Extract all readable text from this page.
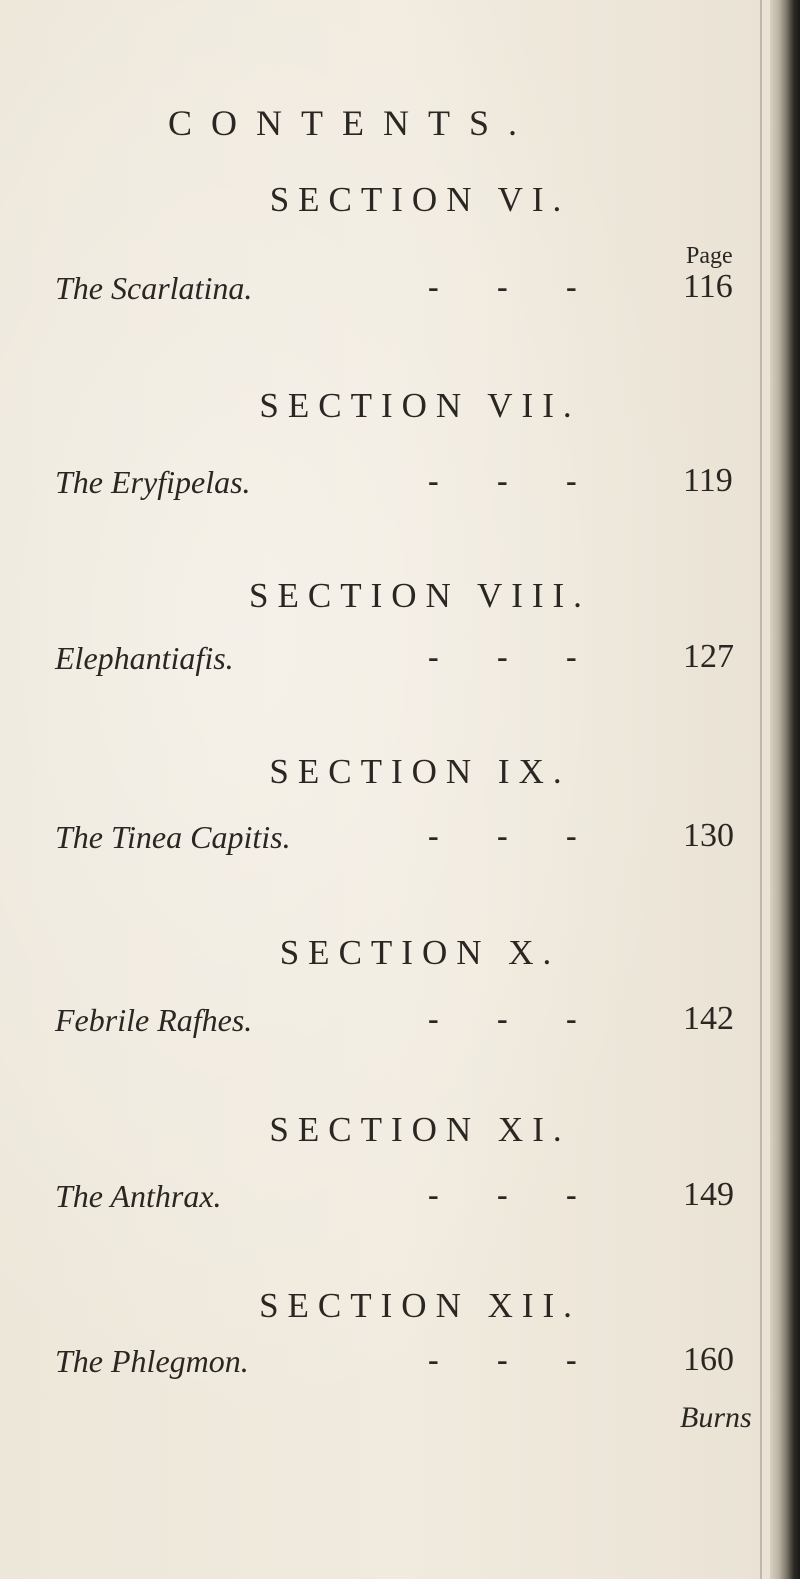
CONTENTS.
Page
SECTION VI.
The Scarlatina.	- - -	116
SECTION VII.
The Eryfipelas.	- - -	119
SECTION VIII.
Elephantiafis.	- - -	127
SECTION IX.
The Tinea Capitis.	- - -	130
SECTION X.
Febrile Rafhes.	- - -	142
SECTION XI.
The Anthrax.	- - -	149
SECTION XII.
The Phlegmon.	- - -	160
Burns
